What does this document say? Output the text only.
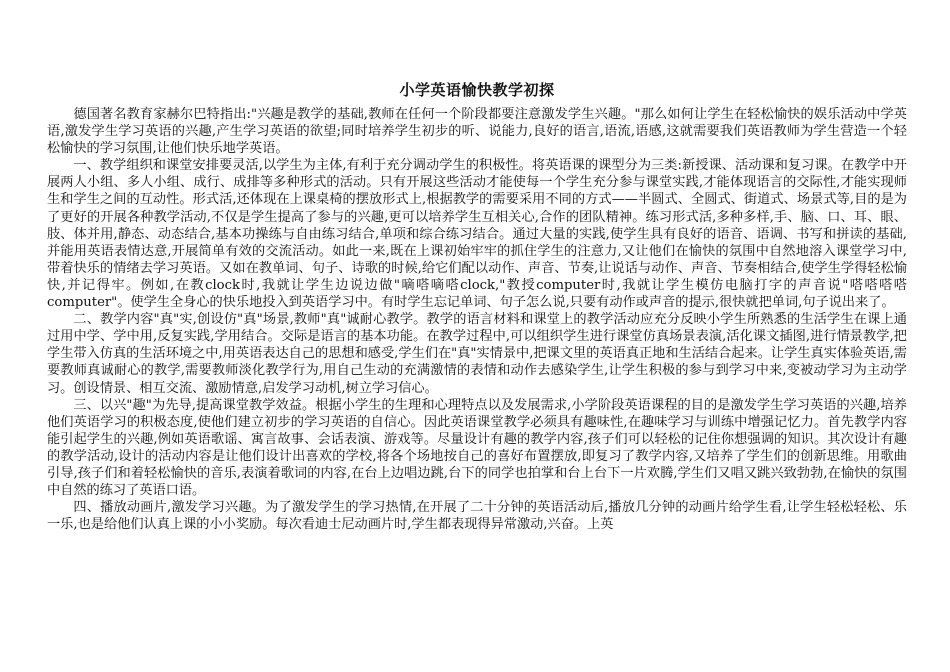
小学英语愉快教学初探

德国著名教育家赫尔巴特指出:"兴趣是教学的基础,教师在任何一个阶段都要注意激发学生兴趣。"那么如何让学生在轻松愉快的娱乐活动中学英语,激发学生学习英语的兴趣,产生学习英语的欲望;同时培养学生初步的听、说能力,良好的语言,语流,语感,这就需要我们英语教师为学生营造一个轻松愉快的学习氛围,让他们快乐地学英语。

一、教学组织和课堂安排要灵活,以学生为主体,有利于充分调动学生的积极性。将英语课的课型分为三类:新授课、活动课和复习课。在教学中开展两人小组、多人小组、成行、成排等多种形式的活动。只有开展这些活动才能使每一个学生充分参与课堂实践,才能体现语言的交际性,才能实现师生和学生之间的互动性。形式活,还体现在上课桌椅的摆放形式上,根据教学的需要采用不同的方式——半圆式、全圆式、街道式、场景式等,目的是为了更好的开展各种教学活动,不仅是学生提高了参与的兴趣,更可以培养学生互相关心,合作的团队精神。练习形式活,多种多样,手、脑、口、耳、眼、肢、体并用,静态、动态结合,基本功操练与自由练习结合,单项和综合练习结合。通过大量的实践,使学生具有良好的语音、语调、书写和拼读的基础,并能用英语表情达意,开展简单有效的交流活动。如此一来,既在上课初始牢牢的抓住学生的注意力,又让他们在愉快的氛围中自然地溶入课堂学习中,带着快乐的情绪去学习英语。又如在教单词、句子、诗歌的时候,给它们配以动作、声音、节奏,让说话与动作、声音、节奏相结合,使学生学得轻松愉快,并记得牢。例如,在教clock时,我就让学生边说边做"嘀嗒嘀嗒clock,"教授computer时,我就让学生模仿电脑打字的声音说"嗒嗒嗒嗒computer"。使学生全身心的快乐地投入到英语学习中。有时学生忘记单词、句子怎么说,只要有动作或声音的提示,很快就把单词,句子说出来了。

二、教学内容"真"实,创设仿"真"场景,教师"真"诚耐心教学。教学的语言材料和课堂上的教学活动应充分反映小学生所熟悉的生活学生在课上通过用中学、学中用,反复实践,学用结合。交际是语言的基本功能。在教学过程中,可以组织学生进行课堂仿真场景表演,活化课文插图,进行情景教学,把学生带入仿真的生活环境之中,用英语表达自己的思想和感受,学生们在"真"实情景中,把课文里的英语真正地和生活结合起来。让学生真实体验英语,需要教师真诚耐心的教学,需要教师淡化教学行为,用自己生动的充满激情的表情和动作去感染学生,让学生积极的参与到学习中来,变被动学习为主动学习。创设情景、相互交流、激励情意,启发学习动机,树立学习信心。

三、以兴"趣"为先导,提高课堂教学效益。根据小学生的生理和心理特点以及发展需求,小学阶段英语课程的目的是激发学生学习英语的兴趣,培养他们英语学习的积极态度,使他们建立初步的学习英语的自信心。因此英语课堂教学必须具有趣味性,在趣味学习与训练中增强记忆力。首先教学内容能引起学生的兴趣,例如英语歌谣、寓言故事、会话表演、游戏等。尽量设计有趣的教学内容,孩子们可以轻松的记住你想强调的知识。其次设计有趣的教学活动,设计的活动内容是让他们设计出喜欢的学校,将各个场地按自己的喜好布置摆放,即复习了教学内容,又培养了学生们的创新思维。用歌曲引导,孩子们和着轻松愉快的音乐,表演着歌词的内容,在台上边唱边跳,台下的同学也拍掌和台上台下一片欢腾,学生们又唱又跳兴致勃勃,在愉快的氛围中自然的练习了英语口语。

四、播放动画片,激发学习兴趣。为了激发学生的学习热情,在开展了二十分钟的英语活动后,播放几分钟的动画片给学生看,让学生轻松轻松、乐一乐,也是给他们认真上课的小小奖励。每次看迪士尼动画片时,学生都表现得异常激动,兴奋。上英
